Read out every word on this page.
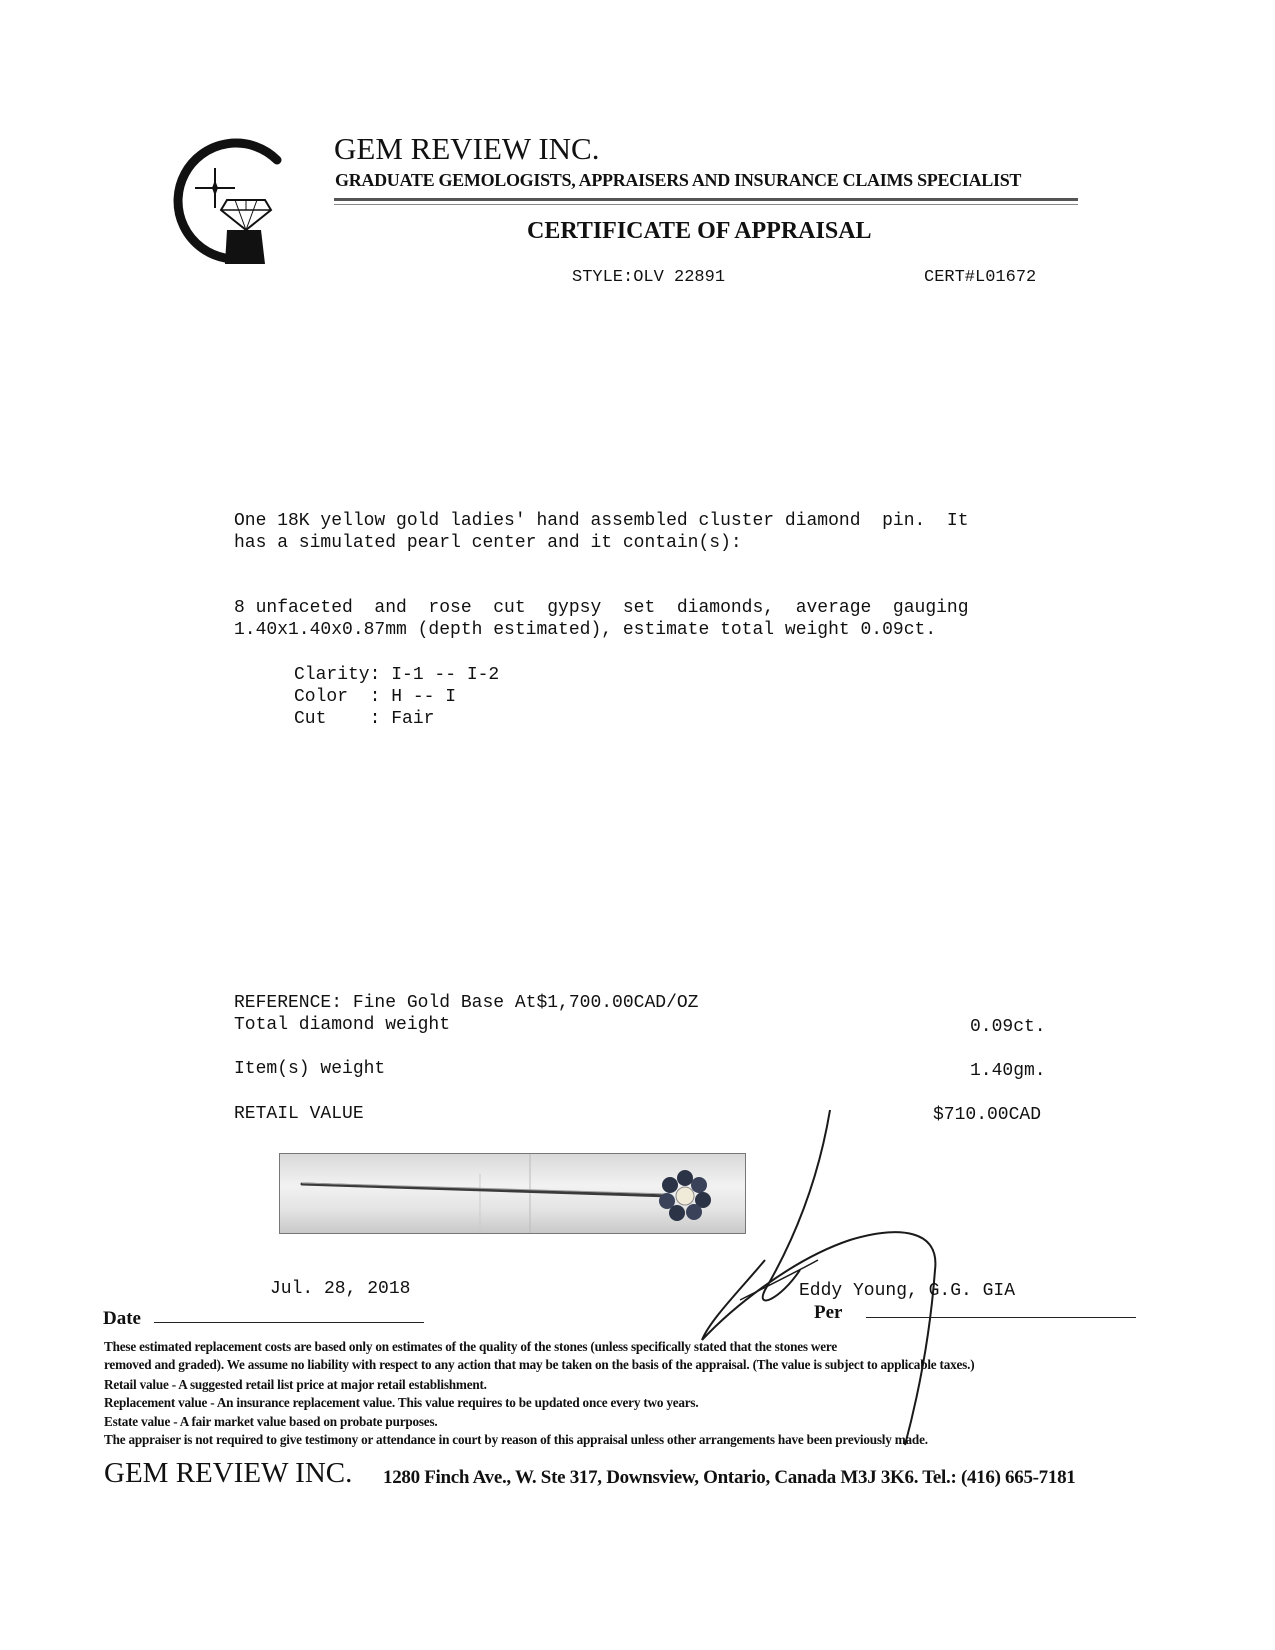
GEM REVIEW INC.
GRADUATE GEMOLOGISTS, APPRAISERS AND INSURANCE CLAIMS SPECIALIST
CERTIFICATE OF APPRAISAL
STYLE:OLV 22891	CERT#L01672
One 18K yellow gold ladies' hand assembled cluster diamond  pin.  It
has a simulated pearl center and it contain(s):
8 unfaceted  and  rose  cut  gypsy  set  diamonds,  average  gauging
1.40x1.40x0.87mm (depth estimated), estimate total weight 0.09ct.
Clarity: I-1 -- I-2
Color  : H -- I
Cut    : Fair
REFERENCE: Fine Gold Base At$1,700.00CAD/OZ
Total diamond weight	0.09ct.
Item(s) weight	1.40gm.
RETAIL VALUE	$710.00CAD
Jul. 28, 2018	Eddy Young, G.G. GIA
Date	Per
These estimated replacement costs are based only on estimates of the quality of the stones (unless specifically stated that the stones were
removed and graded). We assume no liability with respect to any action that may be taken on the basis of the appraisal. (The value is subject to applicable taxes.)
Retail value - A suggested retail list price at major retail establishment.
Replacement value - An insurance replacement value. This value requires to be updated once every two years.
Estate value - A fair market value based on probate purposes.
The appraiser is not required to give testimony or attendance in court by reason of this appraisal unless other arrangements have been previously made.
GEM REVIEW INC. 1280 Finch Ave., W. Ste 317, Downsview, Ontario, Canada M3J 3K6. Tel.: (416) 665-7181
